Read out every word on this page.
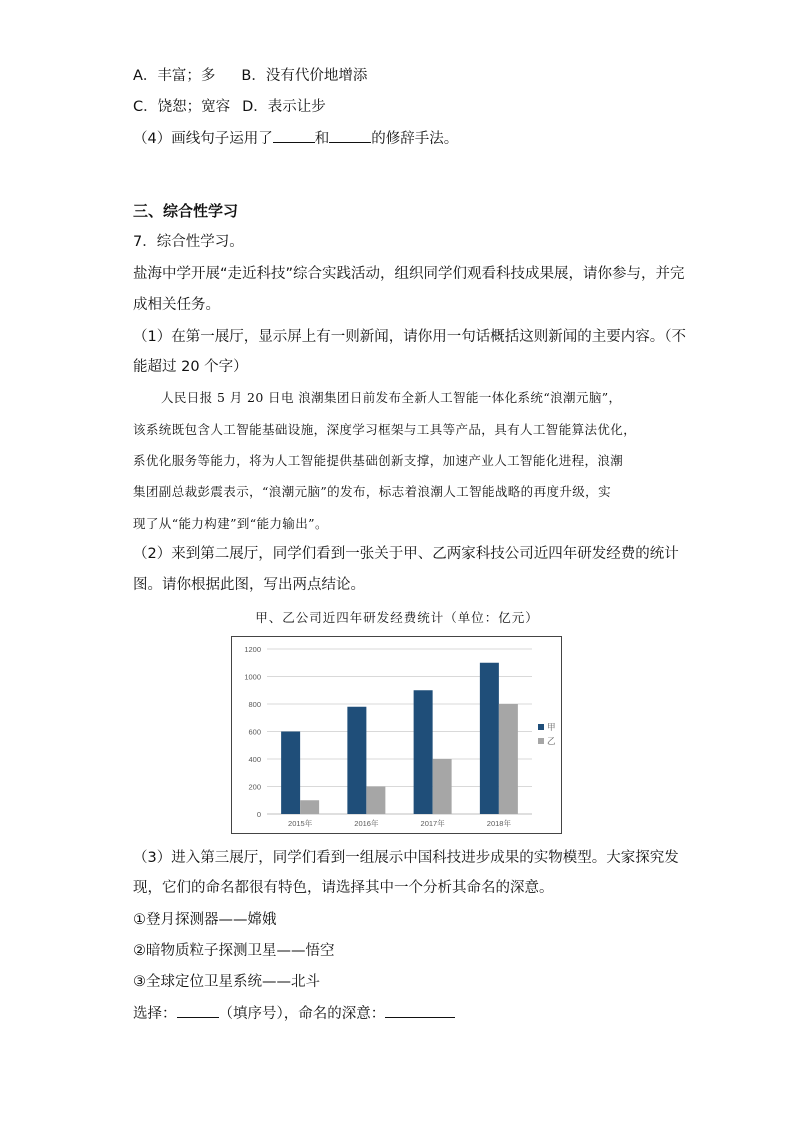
A．丰富；多 B．没有代价地增添
C．饶恕；宽容 D．表示让步
（4）画线句子运用了	和	的修辞手法。
三、综合性学习
7．综合性学习。
盐海中学开展“走近科技”综合实践活动，组织同学们观看科技成果展，请你参与，并完
成相关任务。
（1）在第一展厅，显示屏上有一则新闻，请你用一句话概括这则新闻的主要内容。（不
能超过 20 个字）
人民日报 5 月 20 日电 浪潮集团日前发布全新人工智能一体化系统“浪潮元脑”，
该系统既包含人工智能基础设施，深度学习框架与工具等产品，具有人工智能算法优化，
系优化服务等能力，将为人工智能提供基础创新支撑，加速产业人工智能化进程，浪潮
集团副总裁彭震表示，“浪潮元脑”的发布，标志着浪潮人工智能战略的再度升级，实
现了从“能力构建”到“能力输出”。
（2）来到第二展厅，同学们看到一张关于甲、乙两家科技公司近四年研发经费的统计
图。请你根据此图，写出两点结论。
甲、乙公司近四年研发经费统计（单位：亿元）
0
200
400
600
800
1000
1200
2015年	2016年	2017年	2018年
甲
乙
（3）进入第三展厅，同学们看到一组展示中国科技进步成果的实物模型。大家探究发
现，它们的命名都很有特色，请选择其中一个分析其命名的深意。
①登月探测器——嫦娥
②暗物质粒子探测卫星——悟空
③全球定位卫星系统——北斗
选择：	（填序号），命名的深意：
